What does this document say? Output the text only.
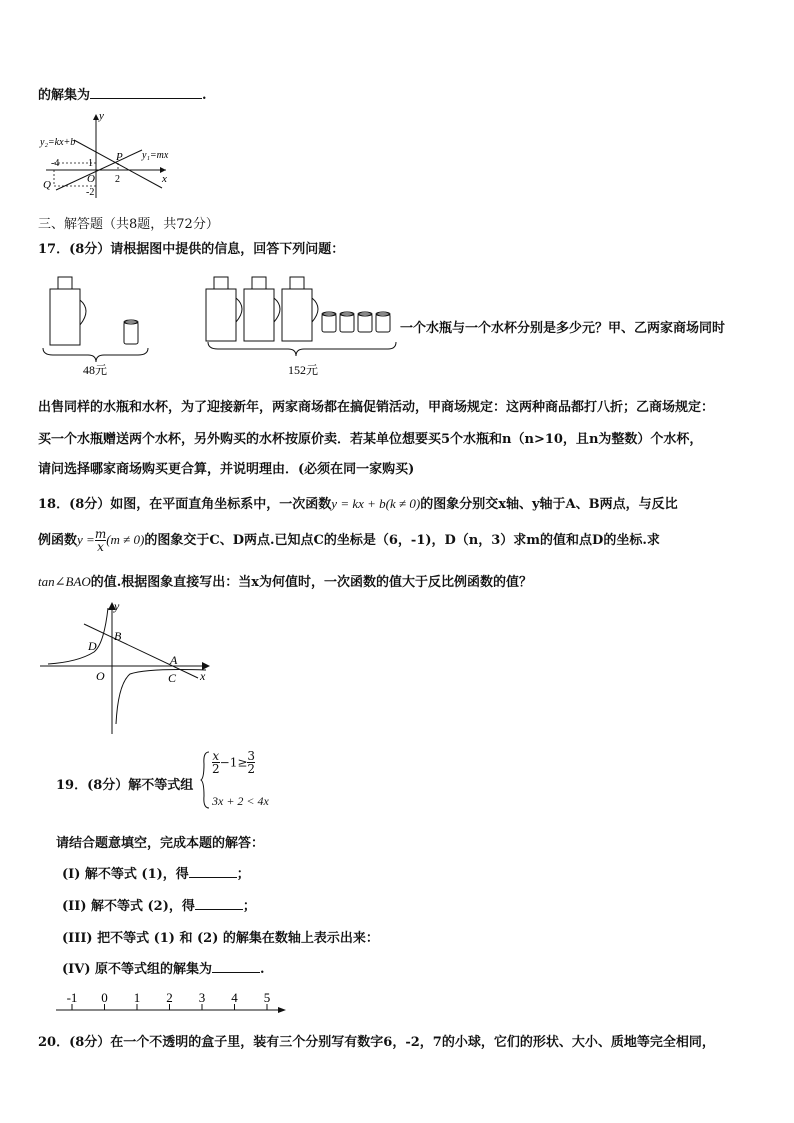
的解集为	.
y
x
y₂=kx+b
y₁=mx
P
Q	O
-4	1
2
-2
三、解答题（共8题，共72分）
17．(8分）请根据图中提供的信息，回答下列问题：
48元	152元
一个水瓶与一个水杯分别是多少元？甲、乙两家商场同时
出售同样的水瓶和水杯，为了迎接新年，两家商场都在搞促销活动，甲商场规定：这两种商品都打八折；乙商场规定：
买一个水瓶赠送两个水杯，另外购买的水杯按原价卖．若某单位想要买5个水瓶和n（n>10，且n为整数）个水杯，
请问选择哪家商场购买更合算，并说明理由．(必须在同一家购买)
18．(8分）如图，在平面直角坐标系中，一次函数y = kx + b(k ≠ 0)的图象分别交x轴、y轴于A、B两点，与反比
例函数$y = \frac{m}{x} (m \ne 0)$的图象交于C、D两点.已知点C的坐标是（6，-1)，D（n，3）求m的值和点D的坐标.求
tan∠BAO的值.根据图象直接写出：当x为何值时，一次函数的值大于反比例函数的值？
y
x
B
D
A
C
O
19．(8分）解不等式组
$\frac{x}{2} -1\ge \frac{3}{2}$
3x + 2 < 4x
请结合题意填空，完成本题的解答：
(I) 解不等式 (1)，得	；
(II) 解不等式 (2)，得	；
(III) 把不等式 (1) 和 (2) 的解集在数轴上表示出来：
(IV) 原不等式组的解集为	.
-1 0 1 2 3 4 5
20．(8分）在一个不透明的盒子里，装有三个分别写有数字6，-2，7的小球，它们的形状、大小、质地等完全相同，
